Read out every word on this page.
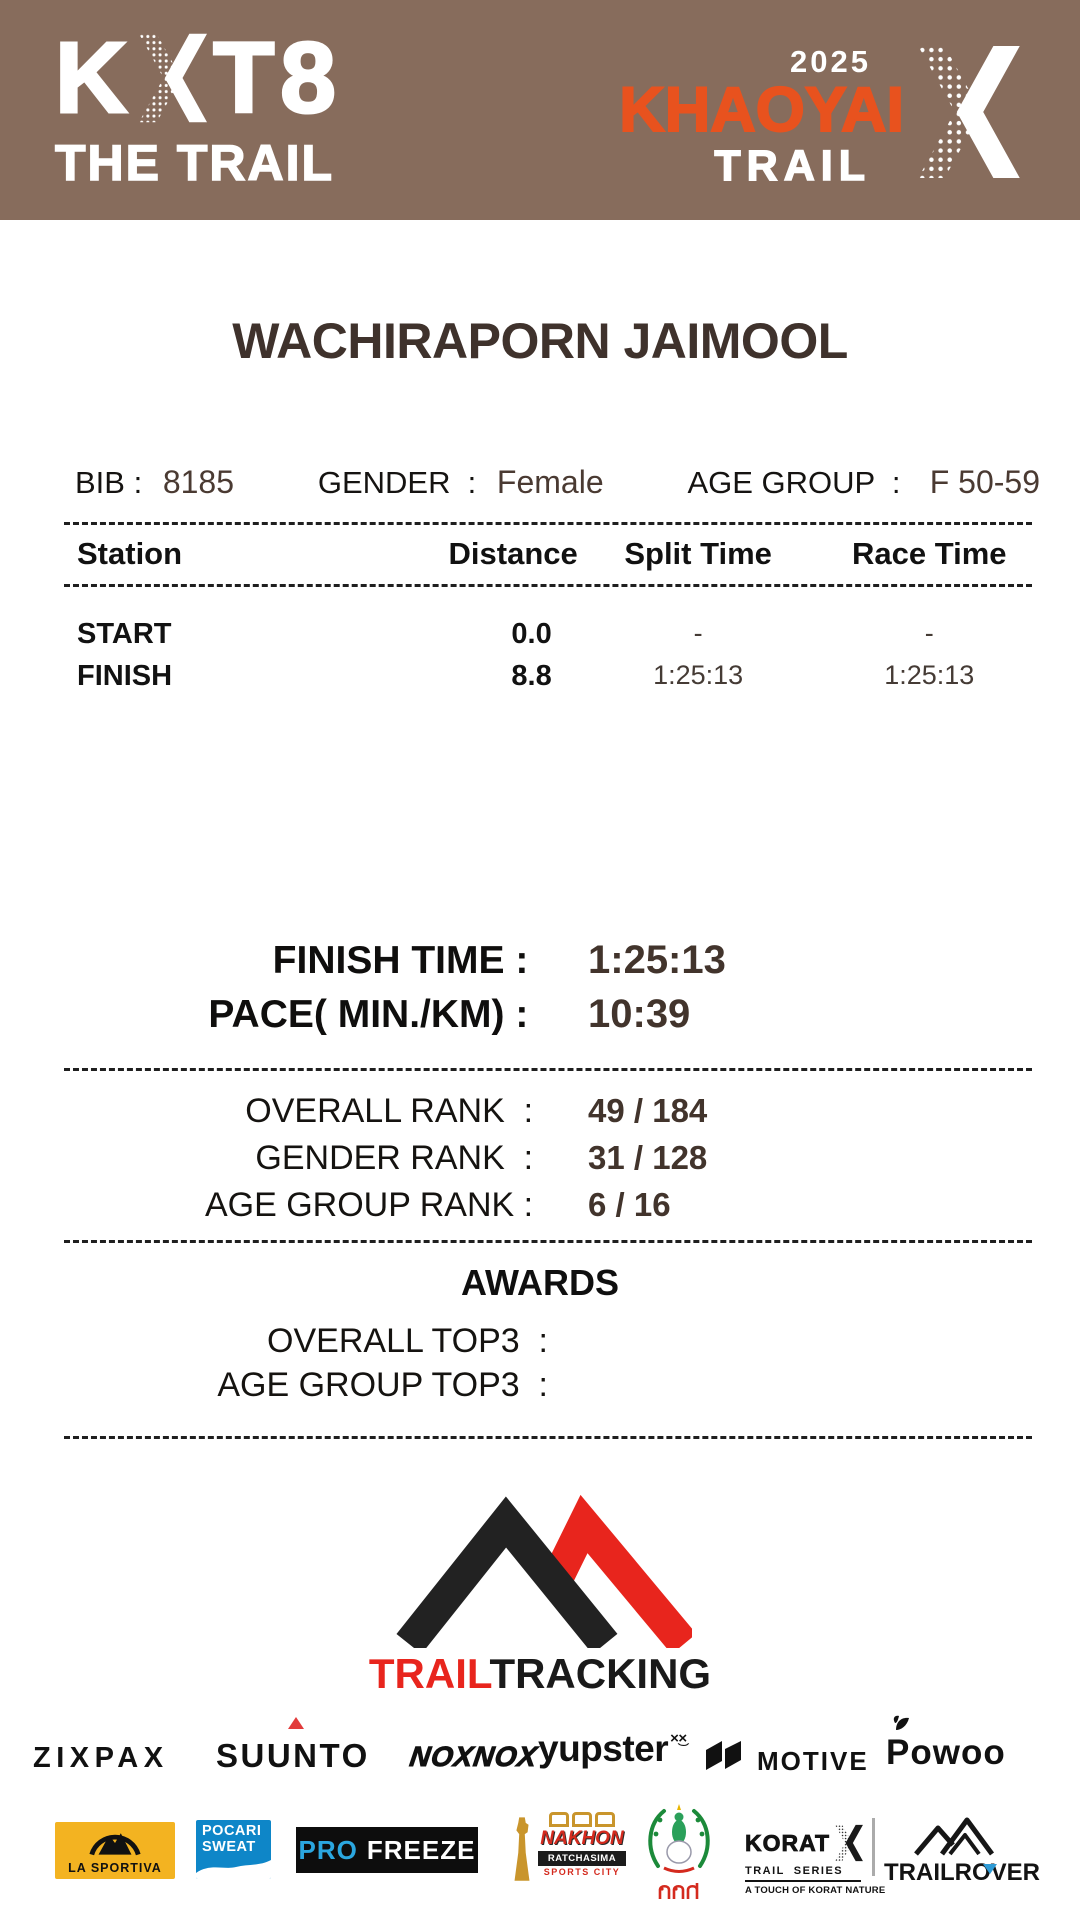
K T8
THE TRAIL
2025
KHAOYAI
TRAIL
WACHIRAPORN JAIMOOL
BIB : 8185	GENDER  : Female	AGE GROUP  : F 50-59
Station	Distance	Split Time	Race Time
START	0.0	-	-
FINISH	8.8	1:25:13	1:25:13
FINISH TIME : 1:25:13
PACE( MIN./KM) : 10:39
OVERALL RANK  : 49 / 184
GENDER RANK  : 31 / 128
AGE GROUP RANK : 6 / 16
AWARDS
OVERALL TOP3  :
AGE GROUP TOP3  :
TRAILTRACKING
ZIXPAX SUUNTO NOXNOX
yupster ×͜×
MOTIVE Powoo
LA SPORTIVA
POCARI
SWEAT	PRO FREEZE	NAKHON
RATCHASIMA
SPORTS CITY

KORAT
TRAIL  SERIES
A TOUCH OF KORAT NATURE
TRAILROVER
